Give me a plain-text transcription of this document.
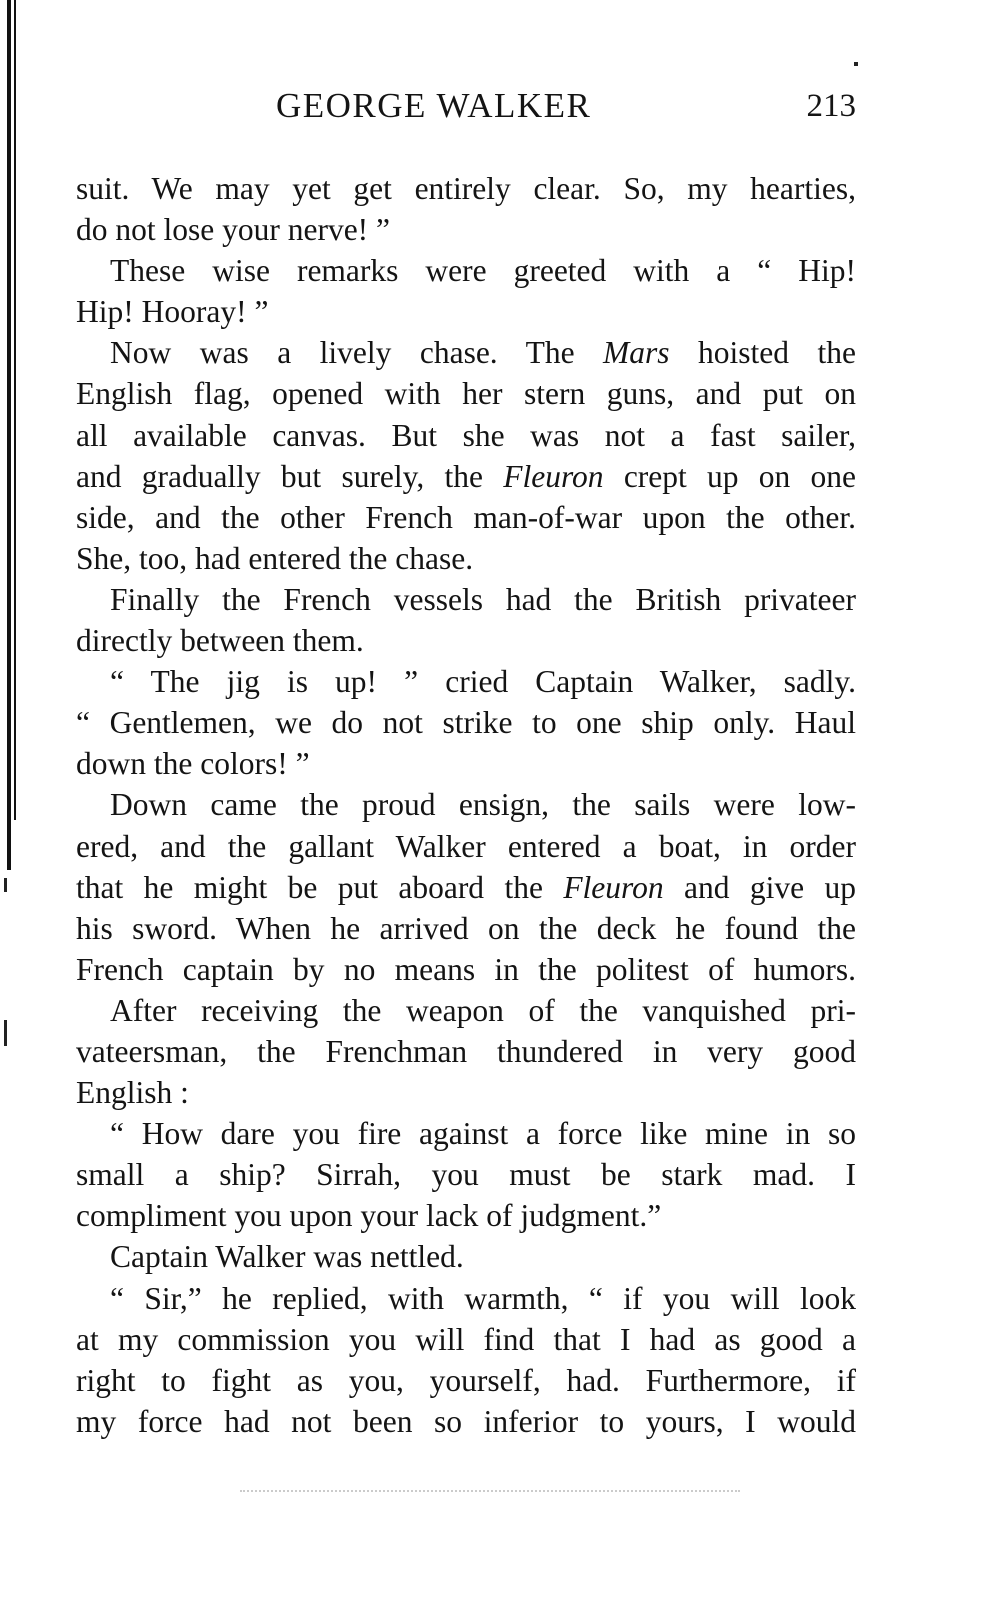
GEORGE WALKER	213
suit. We may yet get entirely clear. So, my hearties,
do not lose your nerve! ”
These wise remarks were greeted with a “ Hip!
Hip! Hooray! ”
Now was a lively chase. The Mars hoisted the
English flag, opened with her stern guns, and put on
all available canvas. But she was not a fast sailer,
and gradually but surely, the Fleuron crept up on one
side, and the other French man-of-war upon the other.
She, too, had entered the chase.
Finally the French vessels had the British privateer
directly between them.
“ The jig is up! ” cried Captain Walker, sadly.
“ Gentlemen, we do not strike to one ship only. Haul
down the colors! ”
Down came the proud ensign, the sails were low-
ered, and the gallant Walker entered a boat, in order
that he might be put aboard the Fleuron and give up
his sword. When he arrived on the deck he found the
French captain by no means in the politest of humors.
After receiving the weapon of the vanquished pri-
vateersman, the Frenchman thundered in very good
English :
“ How dare you fire against a force like mine in so
small a ship? Sirrah, you must be stark mad. I
compliment you upon your lack of judgment.”
Captain Walker was nettled.
“ Sir,” he replied, with warmth, “ if you will look
at my commission you will find that I had as good a
right to fight as you, yourself, had. Furthermore, if
my force had not been so inferior to yours, I would
